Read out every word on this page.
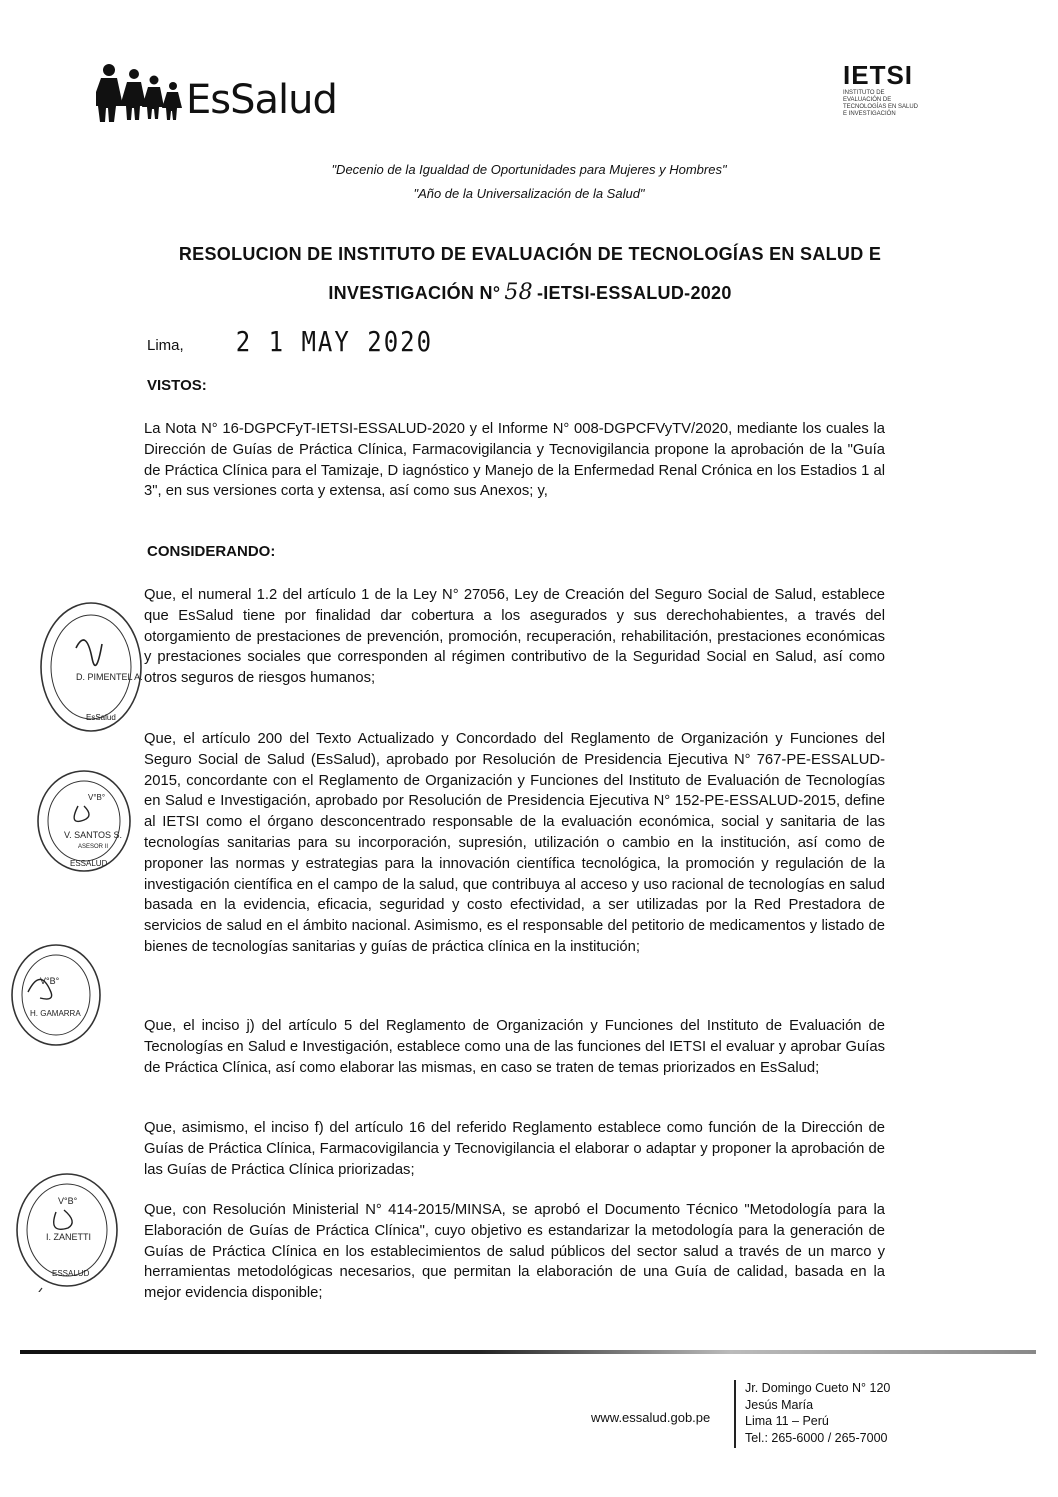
EsSalud
IETSI
INSTITUTO DE EVALUACIÓN DE TECNOLOGÍAS EN SALUD E INVESTIGACIÓN
"Decenio de la Igualdad de Oportunidades para Mujeres y Hombres"
"Año de la Universalización de la Salud"
RESOLUCION DE INSTITUTO DE EVALUACIÓN DE TECNOLOGÍAS EN SALUD E
INVESTIGACIÓN N° 58 -IETSI-ESSALUD-2020
Lima, 2 1 MAY 2020
VISTOS:
La Nota N° 16-DGPCFyT-IETSI-ESSALUD-2020 y el Informe N° 008-DGPCFVyTV/2020, mediante los cuales la Dirección de Guías de Práctica Clínica, Farmacovigilancia y Tecnovigilancia propone la aprobación de la "Guía de Práctica Clínica para el Tamizaje, D iagnóstico y Manejo de la Enfermedad Renal Crónica en los Estadios 1 al 3", en sus versiones corta y extensa, así como sus Anexos; y,
CONSIDERANDO:
Que, el numeral 1.2 del artículo 1 de la Ley N° 27056, Ley de Creación del Seguro Social de Salud, establece que EsSalud tiene por finalidad dar cobertura a los asegurados y sus derechohabientes, a través del otorgamiento de prestaciones de prevención, promoción, recuperación, rehabilitación, prestaciones económicas y prestaciones sociales que corresponden al régimen contributivo de la Seguridad Social en Salud, así como otros seguros de riesgos humanos;
Que, el artículo 200 del Texto Actualizado y Concordado del Reglamento de Organización y Funciones del Seguro Social de Salud (EsSalud), aprobado por Resolución de Presidencia Ejecutiva N° 767-PE-ESSALUD-2015, concordante con el Reglamento de Organización y Funciones del Instituto de Evaluación de Tecnologías en Salud e Investigación, aprobado por Resolución de Presidencia Ejecutiva N° 152-PE-ESSALUD-2015, define al IETSI como el órgano desconcentrado responsable de la evaluación económica, social y sanitaria de las tecnologías sanitarias para su incorporación, supresión, utilización o cambio en la institución, así como de proponer las normas y estrategias para la innovación científica tecnológica, la promoción y regulación de la investigación científica en el campo de la salud, que contribuya al acceso y uso racional de tecnologías en salud basada en la evidencia, eficacia, seguridad y costo efectividad, a ser utilizadas por la Red Prestadora de servicios de salud en el ámbito nacional. Asimismo, es el responsable del petitorio de medicamentos y listado de bienes de tecnologías sanitarias y guías de práctica clínica en la institución;
Que, el inciso j) del artículo 5 del Reglamento de Organización y Funciones del Instituto de Evaluación de Tecnologías en Salud e Investigación, establece como una de las funciones del IETSI el evaluar y aprobar Guías de Práctica Clínica, así como elaborar las mismas, en caso se traten de temas priorizados en EsSalud;
Que, asimismo, el inciso f) del artículo 16 del referido Reglamento establece como función de la Dirección de Guías de Práctica Clínica, Farmacovigilancia y Tecnovigilancia el elaborar o adaptar y proponer la aprobación de las Guías de Práctica Clínica priorizadas;
Que, con Resolución Ministerial N° 414-2015/MINSA, se aprobó el Documento Técnico "Metodología para la Elaboración de Guías de Práctica Clínica", cuyo objetivo es estandarizar la metodología para la generación de Guías de Práctica Clínica en los establecimientos de salud públicos del sector salud a través de un marco y herramientas metodológicas necesarios, que permitan la elaboración de una Guía de calidad, basada en la mejor evidencia disponible;
D. PIMENTEL A.
EsSalud
V°B°
V. SANTOS S.
ASESOR II
ESSALUD
V°B°
H. GAMARRA
V°B°
I. ZANETTI
ESSALUD
www.essalud.gob.pe
Jr. Domingo Cueto N° 120
Jesús María
Lima 11 – Perú
Tel.: 265-6000 / 265-7000
